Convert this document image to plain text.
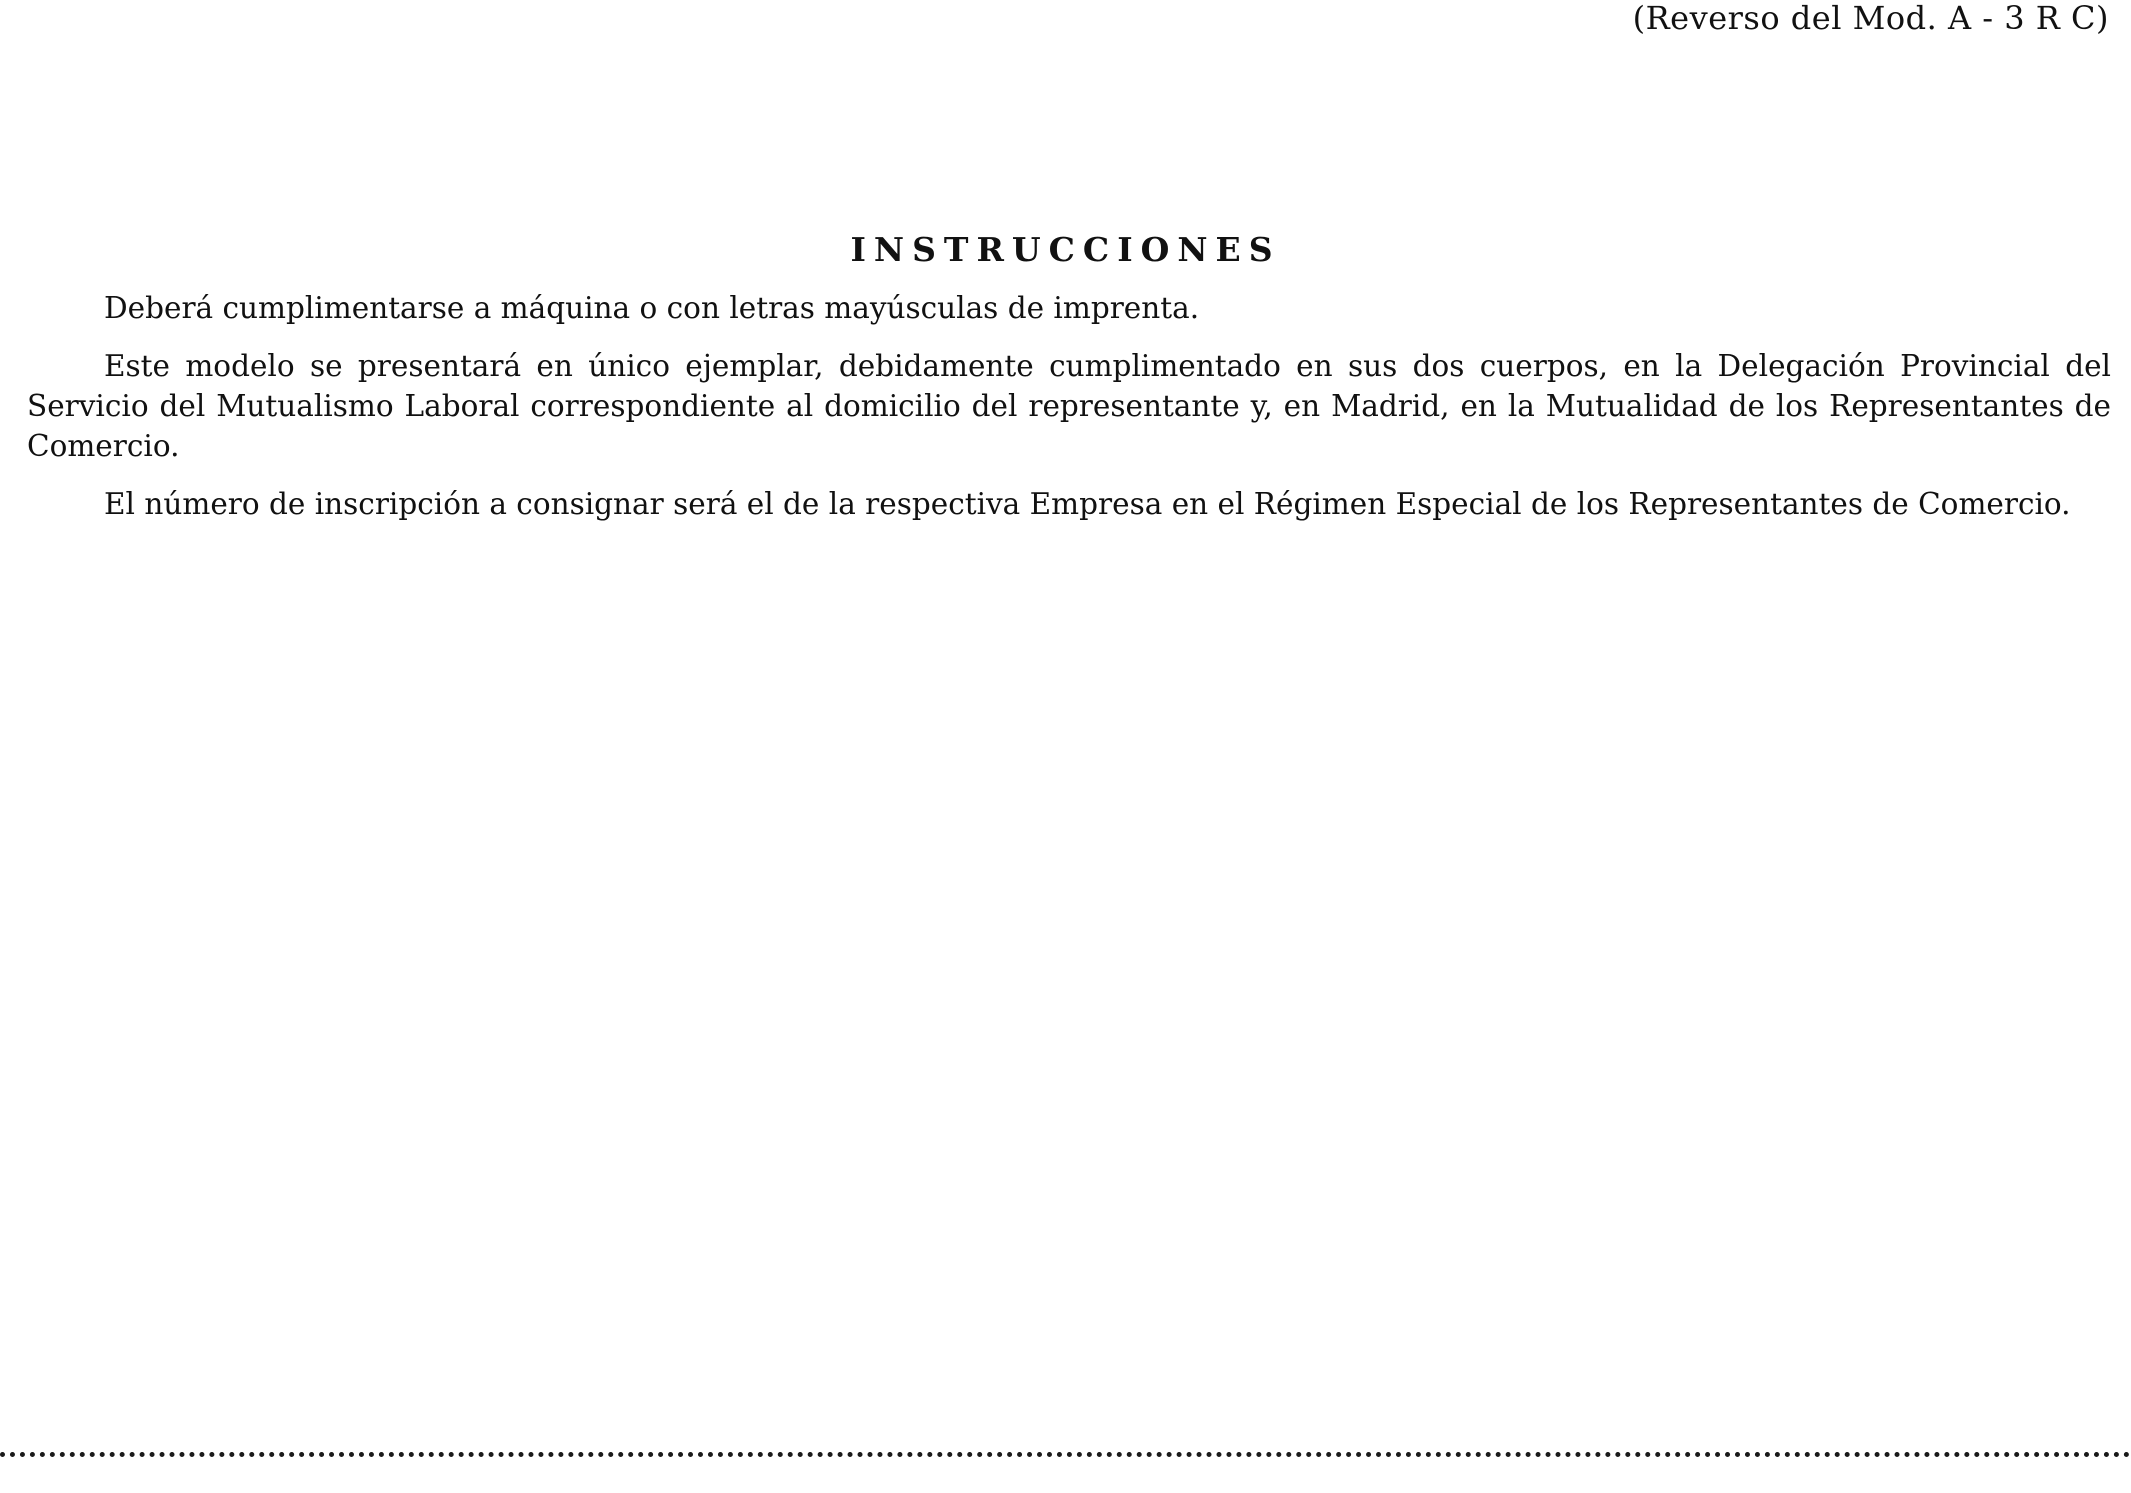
(Reverso del Mod. A - 3 R C)
INSTRUCCIONES

Deberá cumplimentarse a máquina o con letras mayúsculas de imprenta.

Este modelo se presentará en único ejemplar, debidamente cumplimentado en sus dos cuerpos, en la Delegación Provincial del Servicio del Mutualismo Laboral correspondiente al domicilio del representante y, en Madrid, en la Mutualidad de los Representantes de Comercio.

El número de inscripción a consignar será el de la respectiva Empresa en el Régimen Especial de los Representantes de Comercio.
